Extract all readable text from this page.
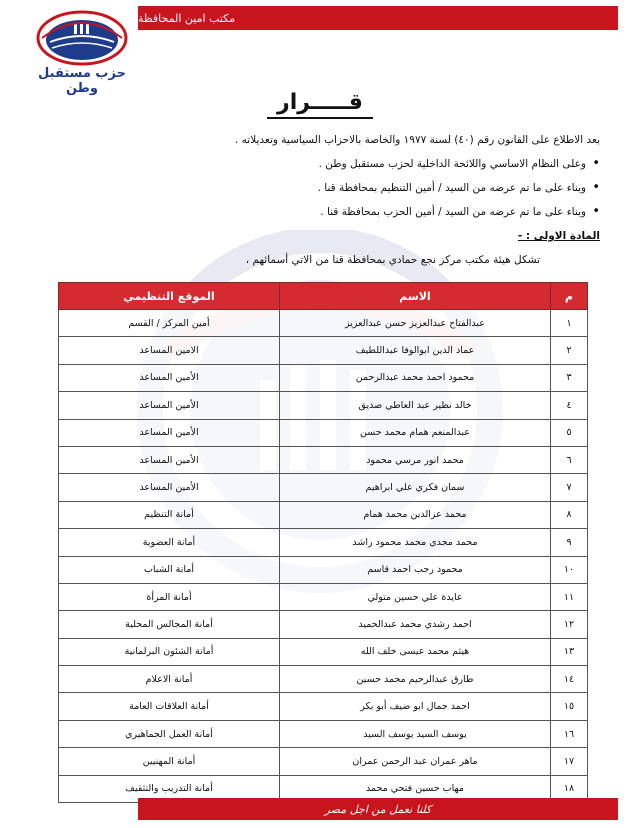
مكتب امين المحافظة
حزب مستقبل وطن
قـــــرار
بعد الاطلاع على القانون رقم (٤٠) لسنة ١٩٧٧ والخاصة بالاحزاب السياسية وتعديلاته .
• وعلى النظام الاساسي واللائحة الداخلية لحزب مستقبل وطن .
• وبناء على ما تم عرضه من السيد / أمين التنظيم بمحافظة قنا .
• وبناء على ما تم عرضه من السيد / أمين الحزب بمحافظة قنا .
المادة الاولى : -
تشكل هيئة مكتب مركز نجع حمادي بمحافظة قنا من الاتي أسمائهم ،
م	الاسم	الموقع التنظيمي
١	عبدالفتاح عبدالعزيز حسن عبدالعزيز	أمين المركز / القسم
٢	عماد الدين ابوالوفا عبداللطيف	الامين المساعد
٣	محمود احمد محمد عبدالرحمن	الأمين المساعد
٤	خالد نظير عبد العاطي صديق	الأمين المساعد
٥	عبدالمنعم همام محمد حسن	الأمين المساعد
٦	محمد انور مرسي محمود	الأمين المساعد
٧	سمان فكري علي ابراهيم	الأمين المساعد
٨	محمد عزالدين محمد همام	أمانة التنظيم
٩	محمد مجدي محمد محمود راشد	أمانة العضوية
١٠	محمود رجب احمد قاسم	أمانة الشباب
١١	عايدة علي حسين متولي	أمانة المرأة
١٢	احمد رشدي محمد عبدالحميد	أمانة المجالس المحلية
١٣	هيثم محمد عيسى خلف الله	أمانة الشئون البرلمانية
١٤	طارق عبدالرحيم محمد حسين	أمانة الاعلام
١٥	احمد جمال ابو ضيف أبو بكر	أمانة العلاقات العامة
١٦	يوسف السيد يوسف السيد	أمانة العمل الجماهيري
١٧	ماهر عمران عبد الرحمن عمران	أمانة المهنيين
١٨	مهاب حسين فتحي محمد	أمانة التدريب والتثقيف
كلنا نعمل من اجل مصر
